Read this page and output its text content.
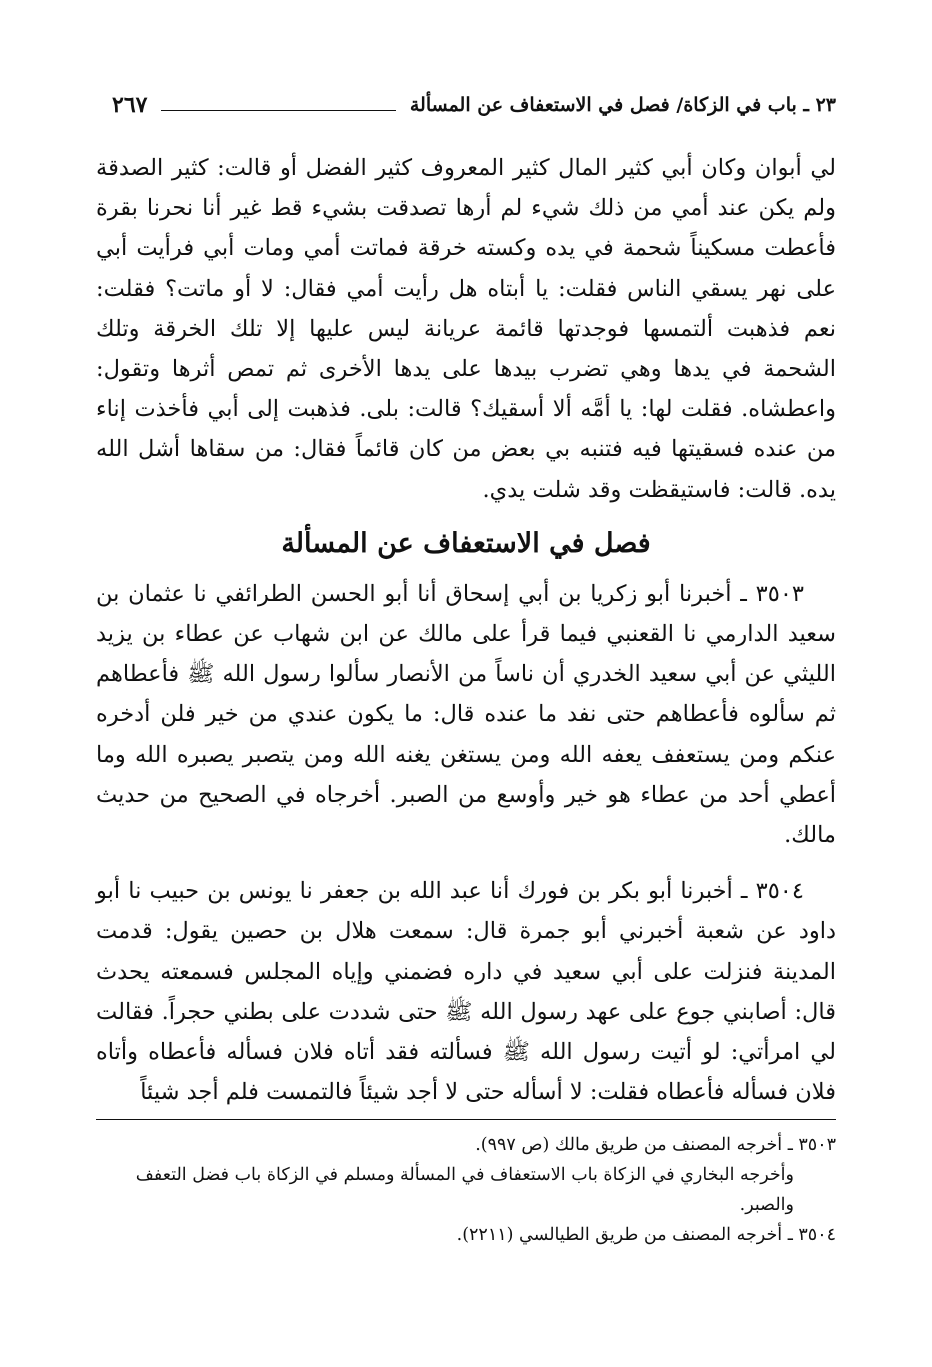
٢٣ ـ باب في الزكاة/ فصل في الاستعفاف عن المسألة
٢٦٧

لي أبوان وكان أبي كثير المال كثير المعروف كثير الفضل أو قالت: كثير الصدقة ولم يكن عند أمي من ذلك شيء لم أرها تصدقت بشيء قط غير أنا نحرنا بقرة فأعطت مسكيناً شحمة في يده وكسته خرقة فماتت أمي ومات أبي فرأيت أبي على نهر يسقي الناس فقلت: يا أبتاه هل رأيت أمي فقال: لا أو ماتت؟ فقلت: نعم فذهبت ألتمسها فوجدتها قائمة عريانة ليس عليها إلا تلك الخرقة وتلك الشحمة في يدها وهي تضرب بيدها على يدها الأخرى ثم تمص أثرها وتقول: واعطشاه. فقلت لها: يا أمَّه ألا أسقيك؟ قالت: بلى. فذهبت إلى أبي فأخذت إناء من عنده فسقيتها فيه فتنبه بي بعض من كان قائماً فقال: من سقاها أشل الله يده. قالت: فاستيقظت وقد شلت يدي.

فصل في الاستعفاف عن المسألة

٣٥٠٣ ـ أخبرنا أبو زكريا بن أبي إسحاق أنا أبو الحسن الطرائفي نا عثمان بن سعيد الدارمي نا القعنبي فيما قرأ على مالك عن ابن شهاب عن عطاء بن يزيد الليثي عن أبي سعيد الخدري أن ناساً من الأنصار سألوا رسول الله ﷺ فأعطاهم ثم سألوه فأعطاهم حتى نفد ما عنده قال: ما يكون عندي من خير فلن أدخره عنكم ومن يستعفف يعفه الله ومن يستغن يغنه الله ومن يتصبر يصبره الله وما أعطي أحد من عطاء هو خير وأوسع من الصبر. أخرجاه في الصحيح من حديث مالك.

٣٥٠٤ ـ أخبرنا أبو بكر بن فورك أنا عبد الله بن جعفر نا يونس بن حبيب نا أبو داود عن شعبة أخبرني أبو جمرة قال: سمعت هلال بن حصين يقول: قدمت المدينة فنزلت على أبي سعيد في داره فضمني وإياه المجلس فسمعته يحدث قال: أصابني جوع على عهد رسول الله ﷺ حتى شددت على بطني حجراً. فقالت لي امرأتي: لو أتيت رسول الله ﷺ فسألته فقد أتاه فلان فسأله فأعطاه وأتاه فلان فسأله فأعطاه فقلت: لا أسأله حتى لا أجد شيئاً فالتمست فلم أجد شيئاً

٣٥٠٣ ـ أخرجه المصنف من طريق مالك (ص ٩٩٧).

وأخرجه البخاري في الزكاة باب الاستعفاف في المسألة ومسلم في الزكاة باب فضل التعفف والصبر.

٣٥٠٤ ـ أخرجه المصنف من طريق الطيالسي (٢٢١١).
